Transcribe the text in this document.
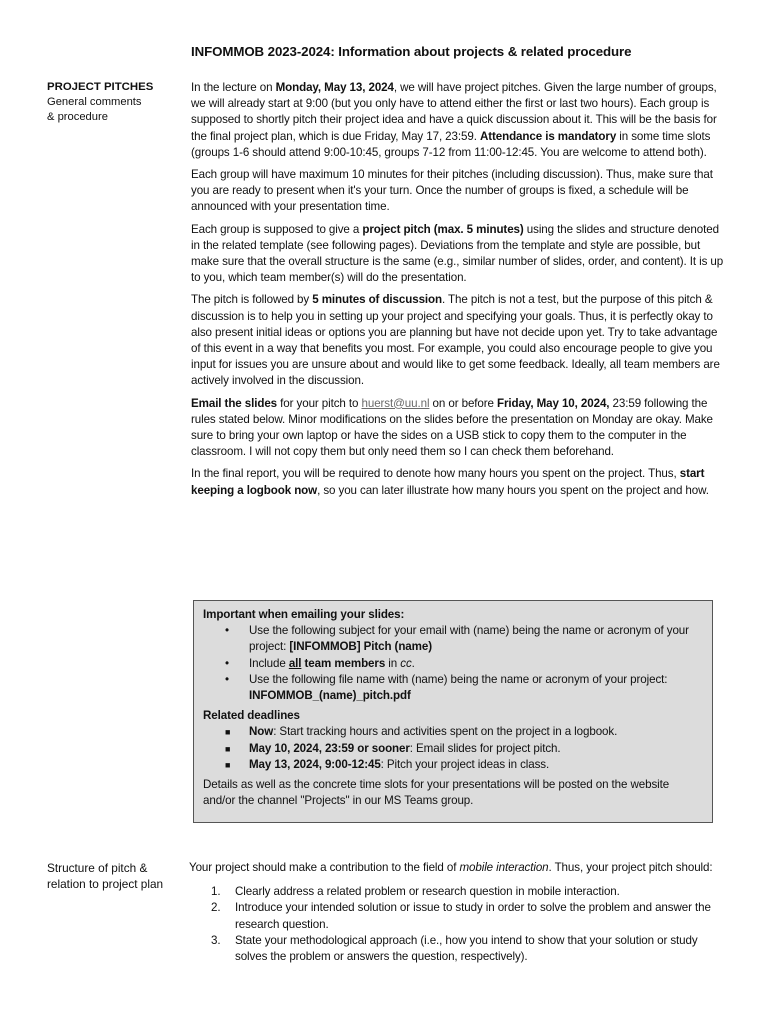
INFOMMOB 2023-2024: Information about projects & related procedure
PROJECT PITCHES
General comments
& procedure

In the lecture on Monday, May 13, 2024, we will have project pitches. Given the large number of groups, we will already start at 9:00 (but you only have to attend either the first or last two hours). Each group is supposed to shortly pitch their project idea and have a quick discussion about it. This will be the basis for the final project plan, which is due Friday, May 17, 23:59. Attendance is mandatory in some time slots (groups 1-6 should attend 9:00-10:45, groups 7-12 from 11:00-12:45. You are welcome to attend both).

Each group will have maximum 10 minutes for their pitches (including discussion). Thus, make sure that you are ready to present when it's your turn. Once the number of groups is fixed, a schedule will be announced with your presentation time.

Each group is supposed to give a project pitch (max. 5 minutes) using the slides and structure denoted in the related template (see following pages). Deviations from the template and style are possible, but make sure that the overall structure is the same (e.g., similar number of slides, order, and content). It is up to you, which team member(s) will do the presentation.

The pitch is followed by 5 minutes of discussion. The pitch is not a test, but the purpose of this pitch & discussion is to help you in setting up your project and specifying your goals. Thus, it is perfectly okay to also present initial ideas or options you are planning but have not decide upon yet. Try to take advantage of this event in a way that benefits you most. For example, you could also encourage people to give you input for issues you are unsure about and would like to get some feedback. Ideally, all team members are actively involved in the discussion.

Email the slides for your pitch to huerst@uu.nl on or before Friday, May 10, 2024, 23:59 following the rules stated below. Minor modifications on the slides before the presentation on Monday are okay. Make sure to bring your own laptop or have the sides on a USB stick to copy them to the computer in the classroom. I will not copy them but only need them so I can check them beforehand.

In the final report, you will be required to denote how many hours you spent on the project. Thus, start keeping a logbook now, so you can later illustrate how many hours you spent on the project and how.

Important when emailing your slides:
• Use the following subject for your email with (name) being the name or acronym of your project: [INFOMMOB] Pitch (name)
• Include all team members in cc.
• Use the following file name with (name) being the name or acronym of your project: INFOMMOB_(name)_pitch.pdf
Related deadlines
■ Now: Start tracking hours and activities spent on the project in a logbook.
■ May 10, 2024, 23:59 or sooner: Email slides for project pitch.
■ May 13, 2024, 9:00-12:45: Pitch your project ideas in class.

Details as well as the concrete time slots for your presentations will be posted on the website and/or the channel "Projects" in our MS Teams group.

Structure of pitch & relation to project plan

Your project should make a contribution to the field of mobile interaction. Thus, your project pitch should:

1. Clearly address a related problem or research question in mobile interaction.
2. Introduce your intended solution or issue to study in order to solve the problem and answer the research question.
3. State your methodological approach (i.e., how you intend to show that your solution or study solves the problem or answers the question, respectively).
